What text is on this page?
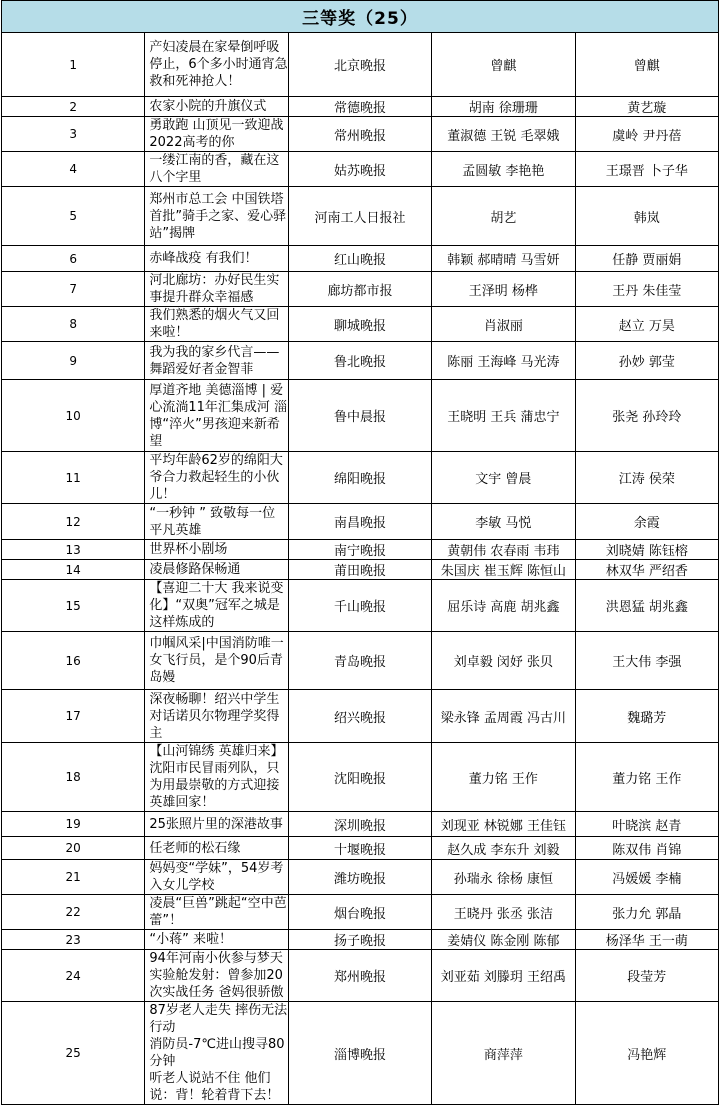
三等奖（25）				
1	产妇凌晨在家晕倒呼吸停止，6个多小时通宵急救和死神抢人！	北京晚报	曾麒	曾麒
2	农家小院的升旗仪式	常德晚报	胡南 徐珊珊	黄艺璇
3	勇敢跑 山顶见一致迎战2022高考的你	常州晚报	董淑德 王锐 毛翠娥	虞岭 尹丹蓓
4	一缕江南的香，藏在这八个字里	姑苏晚报	孟圆敏 李艳艳	王璟晋 卜子华
5	郑州市总工会 中国铁塔首批”骑手之家、爱心驿站”揭牌	河南工人日报社	胡艺	韩岚
6	赤峰战疫 有我们！	红山晚报	韩颖 郝晴晴 马雪妍	任静 贾丽娟
7	河北廊坊：办好民生实事提升群众幸福感	廊坊都市报	王泽明 杨桦	王丹 朱佳莹
8	我们熟悉的烟火气又回来啦！	聊城晚报	肖淑丽	赵立 万昊
9	我为我的家乡代言——舞蹈爱好者金智菲	鲁北晚报	陈丽 王海峰 马光涛	孙妙 郭莹
10	厚道齐地 美德淄博 | 爱心流淌11年汇集成河 淄博“淬火”男孩迎来新希望	鲁中晨报	王晓明 王兵 蒲忠宁	张尧 孙玲玲
11	平均年龄62岁的绵阳大爷合力救起轻生的小伙儿！	绵阳晚报	文宇 曾晨	江涛 侯荣
12	“一秒钟 ” 致敬每一位平凡英雄	南昌晚报	李敏 马悦	余霞
13	世界杯小剧场	南宁晚报	黄朝伟 农春雨 韦玮	刘晓婧 陈钰榕
14	凌晨修路保畅通	莆田晚报	朱国庆 崔玉辉 陈恒山	林双华 严绍香
15	【喜迎二十大 我来说变化】“双奥”冠军之城是这样炼成的	千山晚报	屈乐诗 高鹿 胡兆鑫	洪恩猛 胡兆鑫
16	巾帼风采|中国消防唯一女飞行员，是个90后青岛嫚	青岛晚报	刘卓毅 闵妤 张贝	王大伟 李强
17	深夜畅聊！绍兴中学生对话诺贝尔物理学奖得主	绍兴晚报	梁永锋 孟周霞 冯古川	魏璐芳
18	【山河锦绣 英雄归来】沈阳市民冒雨列队，只为用最崇敬的方式迎接英雄回家！	沈阳晚报	董力铭 王作	董力铭 王作
19	25张照片里的深港故事	深圳晚报	刘现亚 林锐娜 王佳钰	叶晓滨 赵青
20	任老师的松石缘	十堰晚报	赵久成 李东升 刘毅	陈双伟 肖锦
21	妈妈变“学妹”，54岁考入女儿学校	潍坊晚报	孙瑞永 徐杨 康恒	冯媛媛 李楠
22	凌晨“巨兽”跳起“空中芭蕾”！	烟台晚报	王晓丹 张丞 张洁	张力允 郭晶
23	“小蒋” 来啦！	扬子晚报	姜婧仪 陈金刚 陈郁	杨泽华 王一萌
24	94年河南小伙参与梦天实验舱发射：曾参加20次实战任务 爸妈很骄傲	郑州晚报	刘亚茹 刘滕玥 王绍禹	段莹芳
25	87岁老人走失 摔伤无法行动
消防员-7℃进山搜寻80分钟
听老人说站不住 他们说：背！轮着背下去！	淄博晚报	商萍萍	冯艳辉
